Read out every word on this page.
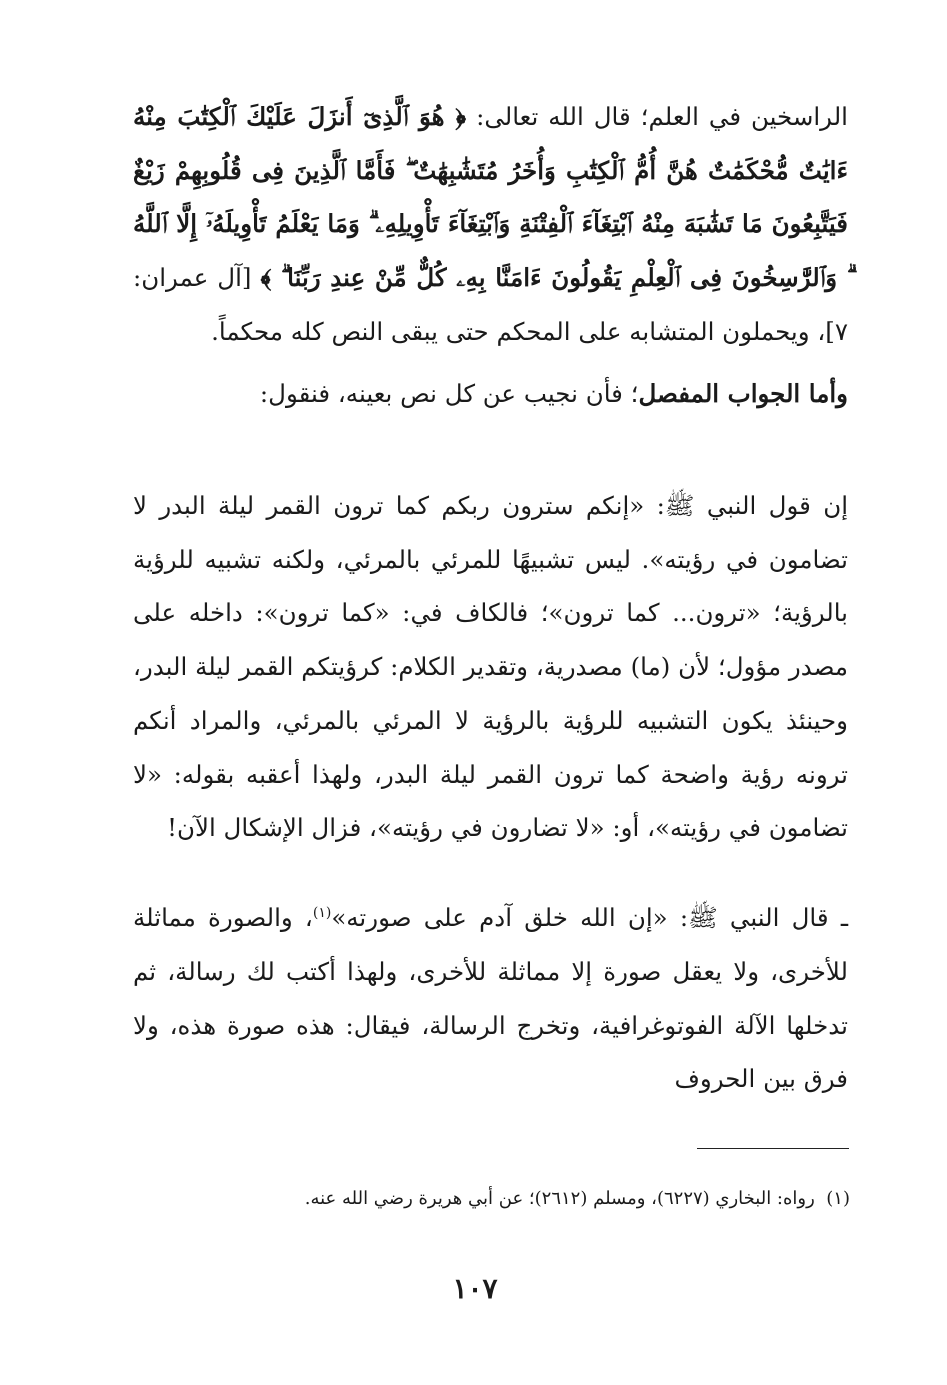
الراسخين في العلم؛ قال الله تعالى: ﴿ هُوَ ٱلَّذِىٓ أَنزَلَ عَلَيْكَ ٱلْكِتَٰبَ مِنْهُ ءَايَٰتٌ مُّحْكَمَٰتٌ هُنَّ أُمُّ ٱلْكِتَٰبِ وَأُخَرُ مُتَشَٰبِهَٰتٌ ۖ فَأَمَّا ٱلَّذِينَ فِى قُلُوبِهِمْ زَيْغٌ فَيَتَّبِعُونَ مَا تَشَٰبَهَ مِنْهُ ٱبْتِغَآءَ ٱلْفِتْنَةِ وَٱبْتِغَآءَ تَأْوِيلِهِۦ ۗ وَمَا يَعْلَمُ تَأْوِيلَهُۥٓ إِلَّا ٱللَّهُ ۗ وَٱلرَّٰسِخُونَ فِى ٱلْعِلْمِ يَقُولُونَ ءَامَنَّا بِهِۦ كُلٌّ مِّنْ عِندِ رَبِّنَا ۗ ﴾ [آل عمران: ٧]، ويحملون المتشابه على المحكم حتى يبقى النص كله محكماً.

وأما الجواب المفصل؛ فأن نجيب عن كل نص بعينه، فنقول:

إن قول النبي ﷺ: «إنكم سترون ربكم كما ترون القمر ليلة البدر لا تضامون في رؤيته». ليس تشبيهًا للمرئي بالمرئي، ولكنه تشبيه للرؤية بالرؤية؛ «ترون... كما ترون»؛ فالكاف في: «كما ترون»: داخله على مصدر مؤول؛ لأن (ما) مصدرية، وتقدير الكلام: كرؤيتكم القمر ليلة البدر، وحينئذ يكون التشبيه للرؤية بالرؤية لا المرئي بالمرئي، والمراد أنكم ترونه رؤية واضحة كما ترون القمر ليلة البدر، ولهذا أعقبه بقوله: «لا تضامون في رؤيته»، أو: «لا تضارون في رؤيته»، فزال الإشكال الآن!

ـ قال النبي ﷺ: «إن الله خلق آدم على صورته»$^{(١)}$، والصورة مماثلة للأخرى، ولا يعقل صورة إلا مماثلة للأخرى، ولهذا أكتب لك رسالة، ثم تدخلها الآلة الفوتوغرافية، وتخرج الرسالة، فيقال: هذه صورة هذه، ولا فرق بين الحروف

(١)  رواه: البخاري (٦٢٢٧)، ومسلم (٢٦١٢)؛ عن أبي هريرة رضي الله عنه.

١٠٧
